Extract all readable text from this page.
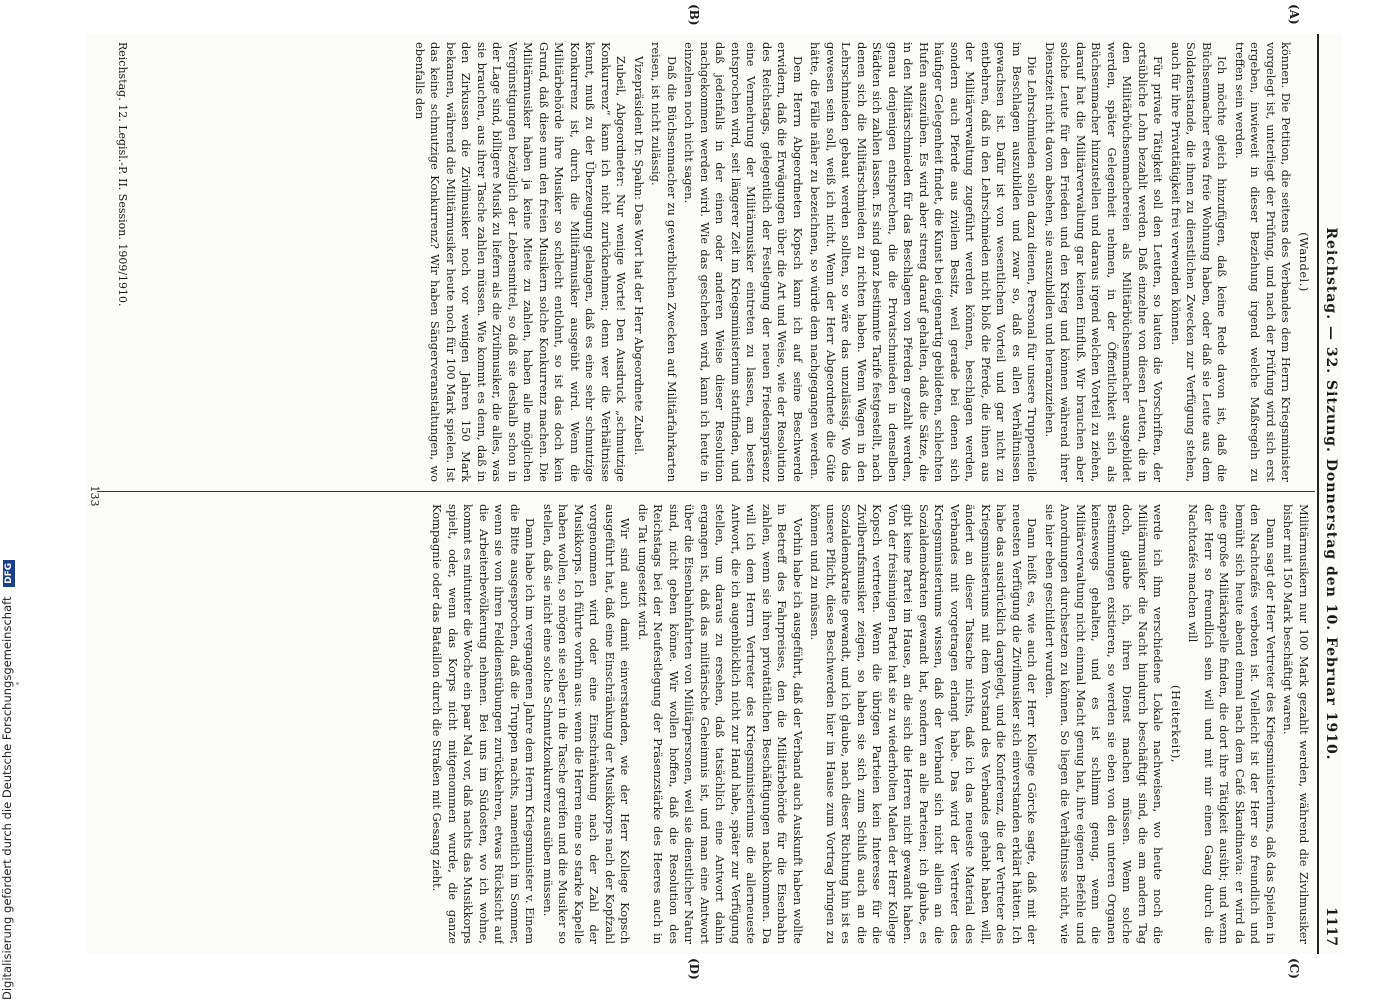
Digitalisierung gefördert durch die Deutsche Forschungsgemeinschaft DFG	Reichstag. — 32. Sitzung. Donnerstag den 10. Februar 1910.
1117
(A)
(B)
(C)
(D)

(Wandel.)

können. Die Petition, die seitens des Verbandes dem Herrn Kriegsminister vorgelegt ist, unterliegt der Prüfung, und nach der Prüfung wird sich erst ergeben, inwieweit in dieser Beziehung irgend welche Maßregeln zu treffen sein werden.

Ich möchte gleich hinzufügen, daß keine Rede davon ist, daß die Büchsenmacher etwa freie Wohnung haben, oder daß sie Leute aus dem Soldatenstande, die ihnen zu dienstlichen Zwecken zur Verfügung stehen, auch für ihre Privattätigkeit frei verwenden können.

Für private Tätigkeit soll den Leuten, so lauten die Vorschriften, der ortsübliche Lohn bezahlt werden. Daß einzelne von diesen Leuten, die in den Militärbüchsenmachereien als Militärbüchsenmacher ausgebildet werden, später Gelegenheit nehmen, in der Öffentlichkeit sich als Büchsenmacher hinzustellen und daraus irgend welchen Vorteil zu ziehen, darauf hat die Militärverwaltung gar keinen Einfluß. Wir brauchen aber solche Leute für den Frieden und den Krieg und können während ihrer Dienstzeit nicht davon absehen, sie auszubilden und heranzuziehen.

Die Lehrschmieden sollen dazu dienen, Personal für unsere Truppenteile im Beschlagen auszubilden und zwar so, daß es allen Verhältnissen gewachsen ist. Dafür ist von wesentlichem Vorteil und gar nicht zu entbehren, daß in den Lehrschmieden nicht bloß die Pferde, die ihnen aus der Militärverwaltung zugeführt werden können, beschlagen werden, sondern auch Pferde aus zivilem Besitz, weil gerade bei denen sich häufiger Gelegenheit findet, die Kunst bei eigenartig gebildeten, schlechten Hufen auszuüben. Es wird aber streng darauf gehalten, daß die Sätze, die in den Militärschmieden für das Beschlagen von Pferden gezahlt werden, genau denjenigen entsprechen, die die Privatschmieden in denselben Städten sich zahlen lassen. Es sind ganz bestimmte Tarife festgestellt, nach denen sich die Militärschmieden zu richten haben. Wenn Wagen in den Lehrschmieden gebaut werden sollten, so wäre das unzulässig. Wo das gewesen sein soll, weiß ich nicht. Wenn der Herr Abgeordnete die Güte hätte, die Fälle näher zu bezeichnen, so würde dem nachgegangen werden.

Dem Herrn Abgeordneten Kopsch kann ich auf seine Beschwerde erwidern, daß die Erwägungen über die Art und Weise, wie der Resolution des Reichstags, gelegentlich der Festlegung der neuen Friedenspräsenz eine Vermehrung der Militärmusiker eintreten zu lassen, am besten entsprochen wird, seit längerer Zeit im Kriegsministerium stattfinden, und daß jedenfalls in der einen oder anderen Weise dieser Resolution nachgekommen werden wird. Wie das geschehen wird, kann ich heute in einzelnen noch nicht sagen.

Daß die Büchsenmacher zu gewerblichen Zwecken auf Militärfahrkarten reisen, ist nicht zulässig.

Vizepräsident Dr. Spahn: Das Wort hat der Herr Abgeordnete Zubeil.

Zubeil, Abgeordneter: Nur wenige Worte! Den Ausdruck „schmutzige Konkurrenz“ kann ich nicht zurücknehmen; denn wer die Verhältnisse kennt, muß zu der Überzeugung gelangen, daß es eine sehr schmutzige Konkurrenz ist, durch die Militärmusiker ausgeübt wird. Wenn die Militärbehörde ihre Musiker so schlecht entlohnt, so ist das doch kein Grund, daß diese nun den freien Musikern solche Konkurrenz machen. Die Militärmusiker haben ja keine Miete zu zahlen, haben alle möglichen Vergünstigungen bezüglich der Lebensmittel, so daß sie deshalb schon in der Lage sind, billigere Musik zu liefern als die Zivilmusiker, die alles, was sie brauchen, aus ihrer Tasche zahlen müssen. Wie kommt es denn, daß in den Zirkussen die Zivilmusiker noch vor wenigen Jahren 150 Mark bekamen, während die Militärmusiker heute noch für 100 Mark spielen. Ist das keine schmutzige Konkurrenz? Wir haben Sängerveranstaltungen, wo ebenfalls den

Reichstag. 12. Legisl.-P. II. Session. 1909/1910.

Militärmusikern nur 100 Mark gezahlt werden, während die Zivilmusiker bisher mit 150 Mark beschäftigt waren.

Dann sagt der Herr Vertreter des Kriegsministeriums, daß das Spielen in den Nachtcafés verboten ist. Vielleicht ist der Herr so freundlich und bemüht sich heute abend einmal nach dem Café Skandinavia: er wird da eine große Militärkapelle finden, die dort ihre Tätigkeit ausübt; und wenn der Herr so freundlich sein will und mit mir einen Gang durch die Nachtcafés machen will

(Heiterkeit),

werde ich ihm verschiedene Lokale nachweisen, wo heute noch die Militärmusiker die Nacht hindurch beschäftigt sind, die am andern Tag doch, glaube ich, ihren Dienst machen müssen. Wenn solche Bestimmungen existieren, so werden sie eben von den unteren Organen keineswegs gehalten, und es ist schlimm genug, wenn die Militärverwaltung nicht einmal Macht genug hat, ihre eigenen Befehle und Anordnungen durchsetzen zu können. So liegen die Verhältnisse nicht, wie sie hier eben geschildert wurden.

Dann heißt es, wie auch der Herr Kollege Görcke sagte, daß mit der neuesten Verfügung die Zivilmusiker sich einverstanden erklärt hätten. Ich habe das ausdrücklich dargelegt, und die Konferenz, die der Vertreter des Kriegsministeriums mit dem Vorstand des Verbandes gehabt haben will, ändert an dieser Tatsache nichts, daß ich das neueste Material des Verbandes mit vorgetragen erlangt habe. Das wird der Vertreter des Kriegsministeriums wissen, daß der Verband sich nicht allein an die Sozialdemokraten gewandt hat, sondern an alle Parteien; ich glaube, es gibt keine Partei im Hause, an die sich die Herren nicht gewandt haben. Von der freisinnigen Partei hat sie zu wiederholten Malen der Herr Kollege Kopsch vertreten. Wenn die übrigen Parteien kein Interesse für die Zivilberufsmusiker zeigen, so haben sie sich zum Schluß auch an die Sozialdemokratie gewandt, und ich glaube, nach dieser Richtung hin ist es unsere Pflicht, diese Beschwerden hier im Hause zum Vortrag bringen zu können und zu müssen.

Vorhin habe ich ausgeführt, daß der Verband auch Auskunft haben wollte in Betreff des Fahrpreises, den die Militärbehörde für die Eisenbahn zahlen, wenn sie ihren privattätlichen Beschäftigungen nachkommen. Da will ich dem Herrn Vertreter des Kriegsministeriums die allerneueste Antwort, die ich augenblicklich nicht zur Hand habe, später zur Verfügung stellen, um daraus zu ersehen, daß tatsächlich eine Antwort dahin ergangen ist, daß das militärische Geheimnis ist, und man eine Antwort über die Eisenbahnfahrten von Militärpersonen, weil sie dienstlicher Natur sind, nicht geben könne. Wir wollen hoffen, daß die Resolution des Reichstags bei der Neufestlegung der Präsenzstärke des Heeres auch in die Tat umgesetzt wird.

Wir sind auch damit einverstanden, wie der Herr Kollege Kopsch ausgeführt hat, daß eine Einschränkung der Musikkorps nach der Kopfzahl vorgenommen wird oder eine Einschränkung nach der Zahl der Musikkorps. Ich führte vorhin aus: wenn die Herren eine so starke Kapelle haben wollen, so mögen sie selber in die Tasche greifen und die Musiker so stellen, daß sie nicht eine solche Schmutzkonkurrenz ausüben müssen.

Dann habe ich im vergangenen Jahre dem Herrn Kriegsminister v. Einem die Bitte ausgesprochen, daß die Truppen nachts, namentlich im Sommer, wenn sie von ihren Felddienstübungen zurückkehren, etwas Rücksicht auf die Arbeiterbevölkerung nehmen. Bei uns im Südosten, wo ich wohne, kommt es mitunter die Woche ein paar Mal vor, daß nachts das Musikkorps spielt, oder, wenn das Korps nicht mitgenommen wurde, die ganze Kompagnie oder das Bataillon durch die Straßen mit Gesang zieht.

133
